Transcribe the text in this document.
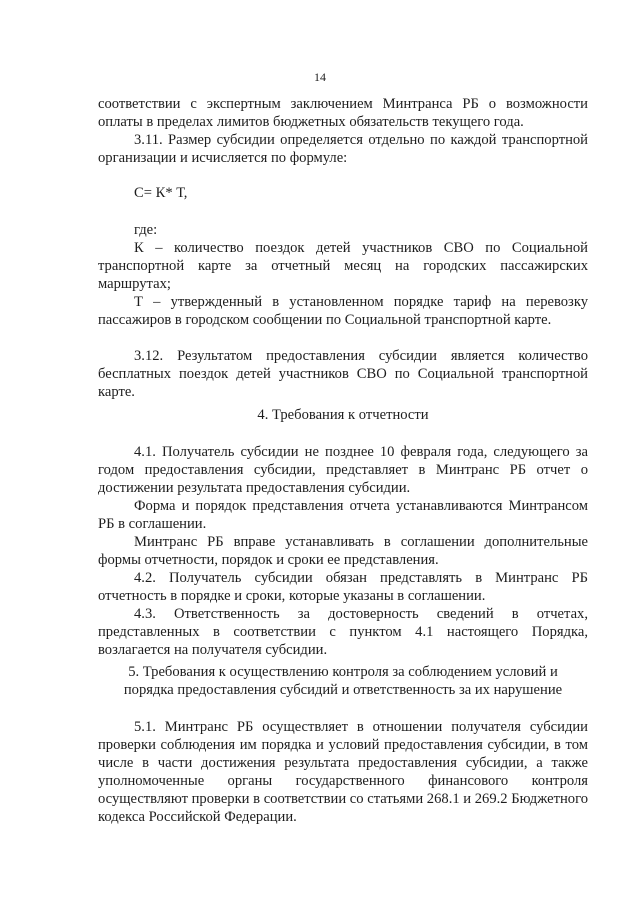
14

соответствии с экспертным заключением Минтранса РБ о возможности оплаты в пределах лимитов бюджетных обязательств текущего года.

3.11. Размер субсидии определяется отдельно по каждой транспортной организации и исчисляется по формуле:

С= К* Т,

где:

К – количество поездок детей участников СВО по Социальной транспортной карте за отчетный месяц на городских пассажирских маршрутах;

Т – утвержденный в установленном порядке тариф на перевозку пассажиров в городском сообщении по Социальной транспортной карте.

3.12. Результатом предоставления субсидии является количество бесплатных поездок детей участников СВО по Социальной транспортной карте.

4. Требования к отчетности

4.1. Получатель субсидии не позднее 10 февраля года, следующего за годом предоставления субсидии, представляет в Минтранс РБ отчет о достижении результата предоставления субсидии.

Форма и порядок представления отчета устанавливаются Минтрансом РБ в соглашении.

Минтранс РБ вправе устанавливать в соглашении дополнительные формы отчетности, порядок и сроки ее представления.

4.2. Получатель субсидии обязан представлять в Минтранс РБ отчетность в порядке и сроки, которые указаны в соглашении.

4.3. Ответственность за достоверность сведений в отчетах, представленных в соответствии с пунктом 4.1 настоящего Порядка, возлагается на получателя субсидии.

5. Требования к осуществлению контроля за соблюдением условий и

порядка предоставления субсидий и ответственность за их нарушение

5.1. Минтранс РБ осуществляет в отношении получателя субсидии проверки соблюдения им порядка и условий предоставления субсидии, в том числе в части достижения результата предоставления субсидии, а также уполномоченные органы государственного финансового контроля осуществляют проверки в соответствии со статьями 268.1 и 269.2 Бюджетного кодекса Российской Федерации.
